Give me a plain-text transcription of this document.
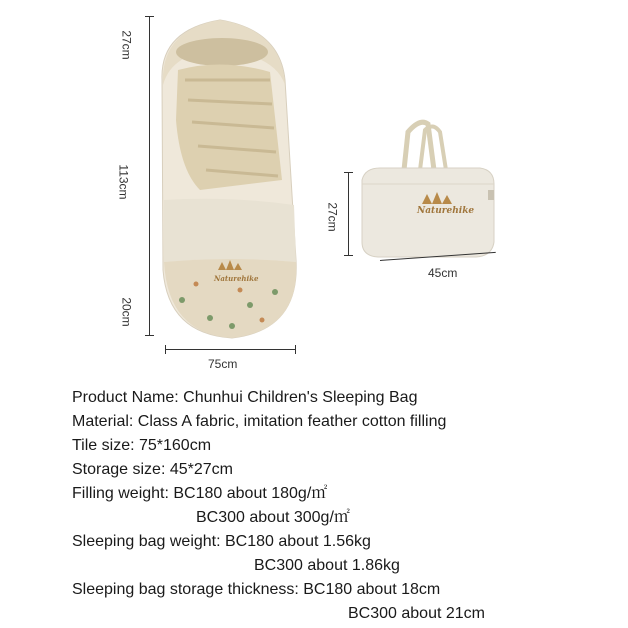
Naturehike
Naturehike
27cm
113cm
20cm
75cm
27cm
45cm
Product Name: Chunhui Children's Sleeping Bag
Material: Class A fabric, imitation feather cotton filling
Tile size: 75*160cm
Storage size: 45*27cm
Filling weight: BC180 about 180g/㎡
BC300 about 300g/㎡
Sleeping bag weight: BC180 about 1.56kg
BC300 about 1.86kg
Sleeping bag storage thickness: BC180 about 18cm
BC300 about 21cm
